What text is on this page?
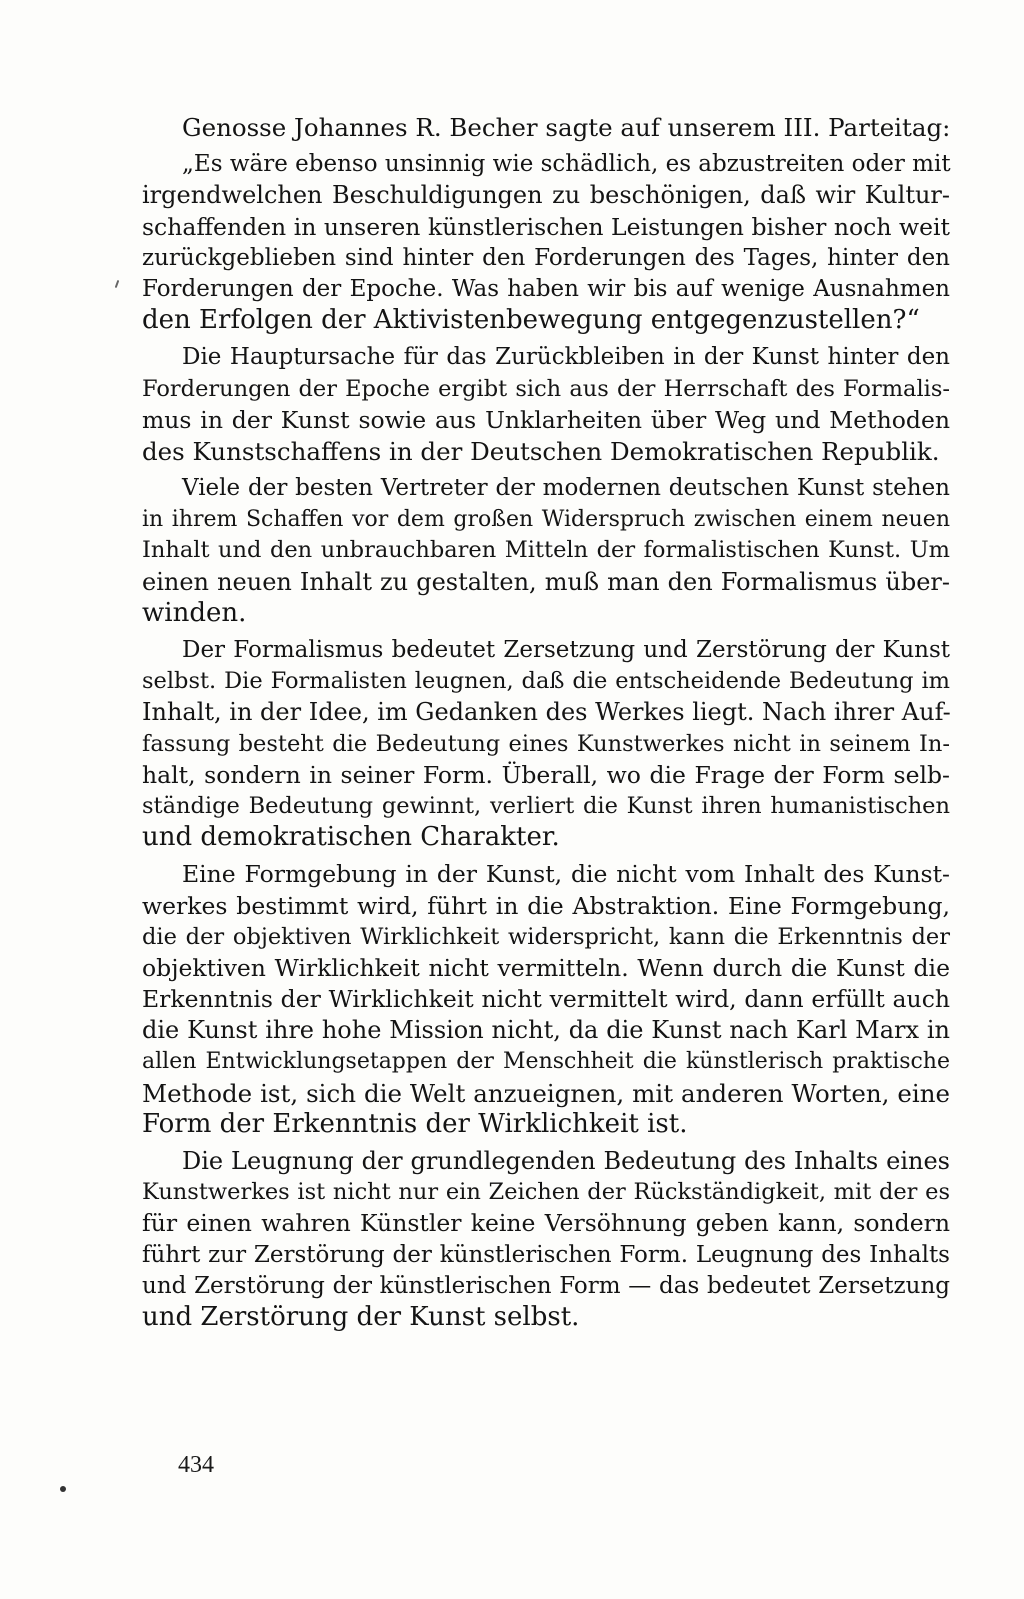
Genosse Johannes R. Becher sagte auf unserem III. Parteitag:
„Es wäre ebenso unsinnig wie schädlich, es abzustreiten oder mit
irgendwelchen Beschuldigungen zu beschönigen, daß wir Kultur-
schaffenden in unseren künstlerischen Leistungen bisher noch weit
zurückgeblieben sind hinter den Forderungen des Tages, hinter den
Forderungen der Epoche. Was haben wir bis auf wenige Ausnahmen
den Erfolgen der Aktivistenbewegung entgegenzustellen?“
Die Hauptursache für das Zurückbleiben in der Kunst hinter den
Forderungen der Epoche ergibt sich aus der Herrschaft des Formalis-
mus in der Kunst sowie aus Unklarheiten über Weg und Methoden
des Kunstschaffens in der Deutschen Demokratischen Republik.
Viele der besten Vertreter der modernen deutschen Kunst stehen
in ihrem Schaffen vor dem großen Widerspruch zwischen einem neuen
Inhalt und den unbrauchbaren Mitteln der formalistischen Kunst. Um
einen neuen Inhalt zu gestalten, muß man den Formalismus über-
winden.
Der Formalismus bedeutet Zersetzung und Zerstörung der Kunst
selbst. Die Formalisten leugnen, daß die entscheidende Bedeutung im
Inhalt, in der Idee, im Gedanken des Werkes liegt. Nach ihrer Auf-
fassung besteht die Bedeutung eines Kunstwerkes nicht in seinem In-
halt, sondern in seiner Form. Überall, wo die Frage der Form selb-
ständige Bedeutung gewinnt, verliert die Kunst ihren humanistischen
und demokratischen Charakter.
Eine Formgebung in der Kunst, die nicht vom Inhalt des Kunst-
werkes bestimmt wird, führt in die Abstraktion. Eine Formgebung,
die der objektiven Wirklichkeit widerspricht, kann die Erkenntnis der
objektiven Wirklichkeit nicht vermitteln. Wenn durch die Kunst die
Erkenntnis der Wirklichkeit nicht vermittelt wird, dann erfüllt auch
die Kunst ihre hohe Mission nicht, da die Kunst nach Karl Marx in
allen Entwicklungsetappen der Menschheit die künstlerisch praktische
Methode ist, sich die Welt anzueignen, mit anderen Worten, eine
Form der Erkenntnis der Wirklichkeit ist.
Die Leugnung der grundlegenden Bedeutung des Inhalts eines
Kunstwerkes ist nicht nur ein Zeichen der Rückständigkeit, mit der es
für einen wahren Künstler keine Versöhnung geben kann, sondern
führt zur Zerstörung der künstlerischen Form. Leugnung des Inhalts
und Zerstörung der künstlerischen Form — das bedeutet Zersetzung
und Zerstörung der Kunst selbst.
434
